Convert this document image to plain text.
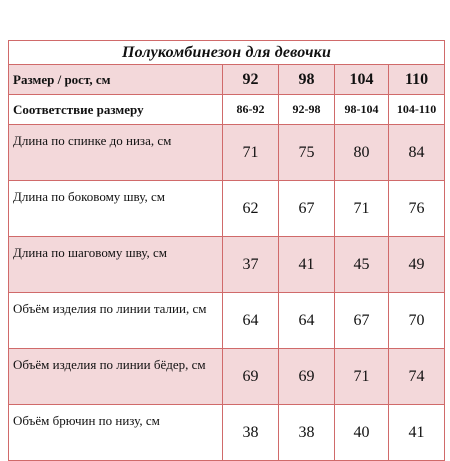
Полукомбинезон для девочки				
Размер / рост, см	92	98	104	110
Соответствие размеру	86-92	92-98	98-104	104-110
Длина по спинке до низа, см	71	75	80	84
Длина по боковому шву, см	62	67	71	76
Длина по шаговому шву, см	37	41	45	49
Объём изделия по линии талии, см	64	64	67	70
Объём изделия по линии бёдер, см	69	69	71	74
Объём брючин по низу, см	38	38	40	41
